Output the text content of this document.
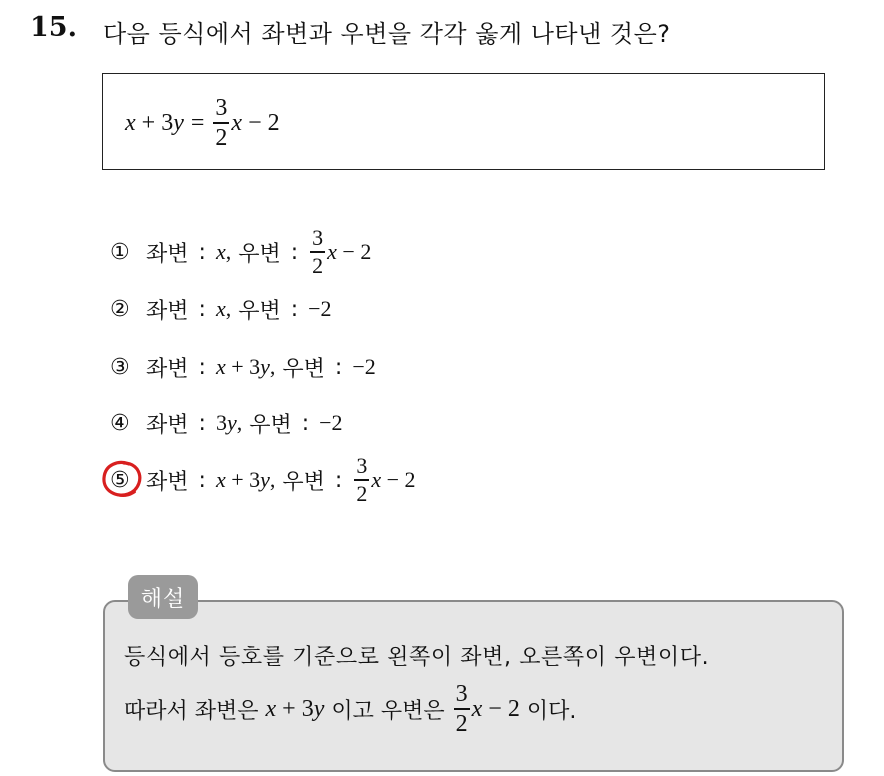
15. 다음 등식에서 좌변과 우변을 각각 옳게 나타낸 것은?
$x + 3y = \frac{3}{2}$ x − 2
① 좌변 : x, 우변 : $\frac{3}{2}$ x − 2
② 좌변 : x, 우변 : −2
③ 좌변 : x + 3y, 우변 : −2
④ 좌변 : 3y, 우변 : −2
⑤ 좌변 : x + 3y, 우변 : $\frac{3}{2}$ x − 2
해설
등식에서 등호를 기준으로 왼쪽이 좌변, 오른쪽이 우변이다.
따라서 좌변은 x + 3y 이고 우변은 $\frac{3}{2}$ x − 2 이다.
